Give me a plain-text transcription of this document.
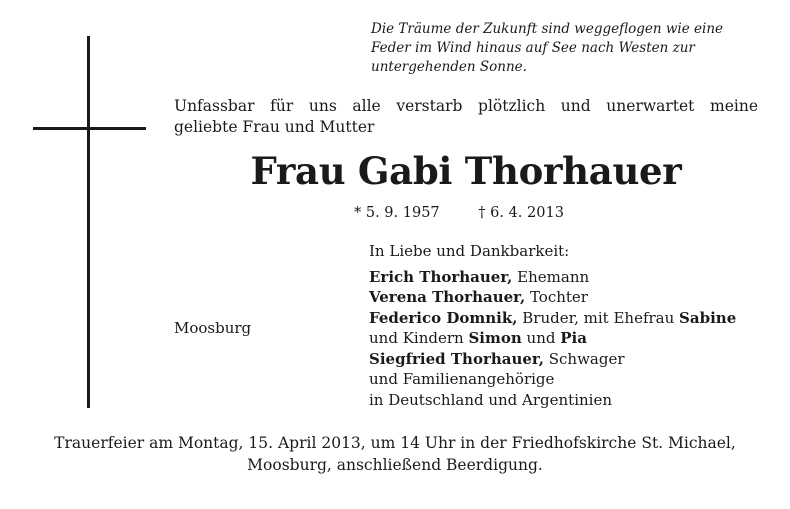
Die Träume der Zukunft sind weggeflogen wie eine
Feder im Wind hinaus auf See nach Westen zur
untergehenden Sonne.
Unfassbar für uns alle verstarb plötzlich und unerwartet meine
geliebte Frau und Mutter
Frau Gabi Thorhauer
* 5. 9. 1957	† 6. 4. 2013
Moosburg
In Liebe und Dankbarkeit:
Erich Thorhauer, Ehemann
Verena Thorhauer, Tochter
Federico Domnik, Bruder, mit Ehefrau Sabine
und Kindern Simon und Pia
Siegfried Thorhauer, Schwager
und Familienangehörige
in Deutschland und Argentinien
Trauerfeier am Montag, 15. April 2013, um 14 Uhr in der Friedhofskirche St. Michael,
Moosburg, anschließend Beerdigung.
